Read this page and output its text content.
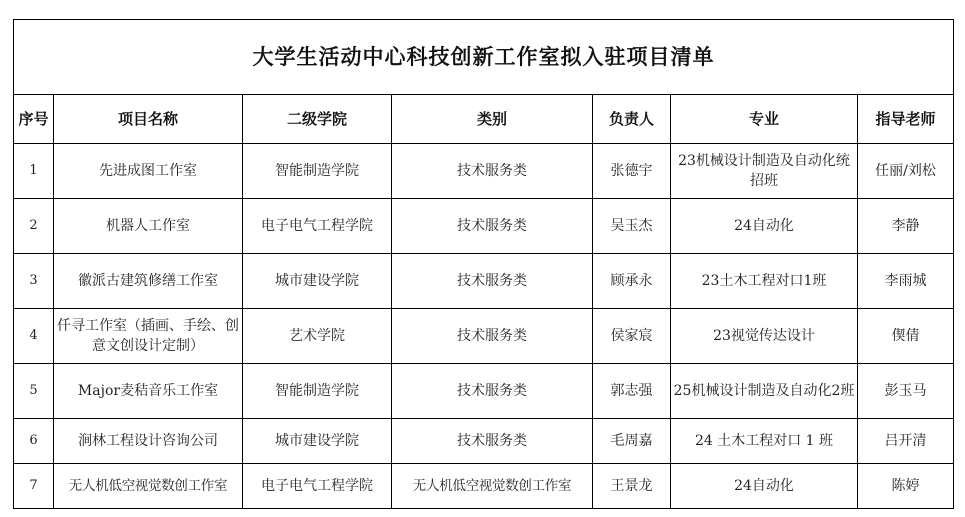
大学生活动中心科技创新工作室拟入驻项目清单						
序号	项目名称	二级学院	类别	负责人	专业	指导老师
1	先进成图工作室	智能制造学院	技术服务类	张德宇	23机械设计制造及自动化统招班	任丽/刘松
2	机器人工作室	电子电气工程学院	技术服务类	吴玉杰	24自动化	李静
3	徽派古建筑修缮工作室	城市建设学院	技术服务类	顾承永	23土木工程对口1班	李雨城
4	仟寻工作室（插画、手绘、创意文创设计定制）	艺术学院	技术服务类	侯家宸	23视觉传达设计	偰倩
5	Major麦秸音乐工作室	智能制造学院	技术服务类	郭志强	25机械设计制造及自动化2班	彭玉马
6	涧林工程设计咨询公司	城市建设学院	技术服务类	毛周嘉	24 土木工程对口 1 班	吕开清
7	无人机低空视觉数创工作室	电子电气工程学院	无人机低空视觉数创工作室	王景龙	24自动化	陈婷
